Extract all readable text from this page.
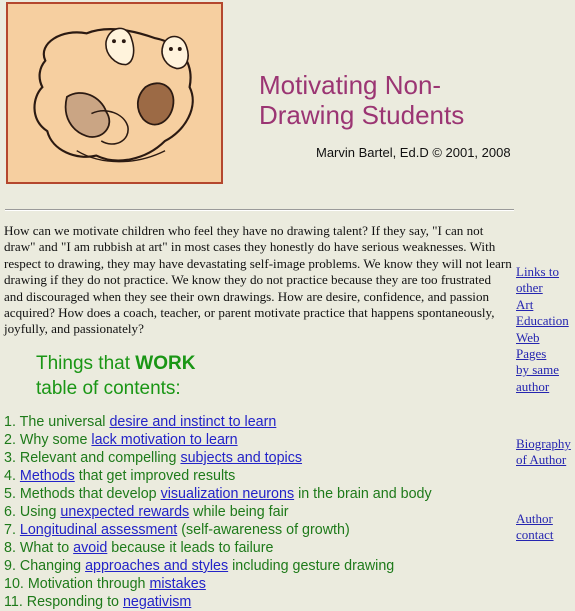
Motivating Non-
Drawing Students
Marvin Bartel, Ed.D © 2001, 2008
How can we motivate children who feel they have no drawing talent? If they say, "I can not draw" and "I am rubbish at art" in most cases they honestly do have serious weaknesses. With respect to drawing, they may have devastating self-image problems. We know they will not learn drawing if they do not practice. We know they do not practice because they are too frustrated and discouraged when they see their own drawings. How are desire, confidence, and passion acquired? How does a coach, teacher, or parent motivate practice that happens spontaneously, joyfully, and passionately?
Links to
other
Art
Education
Web
Pages
by same
author
Biography
of Author
Author
contact
Things that WORK
table of contents:
1. The universal desire and instinct to learn
2. Why some lack motivation to learn
3. Relevant and compelling subjects and topics
4. Methods that get improved results
5. Methods that develop visualization neurons in the brain and body
6. Using unexpected rewards while being fair
7. Longitudinal assessment (self-awareness of growth)
8. What to avoid because it leads to failure
9. Changing approaches and styles including gesture drawing
10. Motivation through mistakes
11. Responding to negativism
